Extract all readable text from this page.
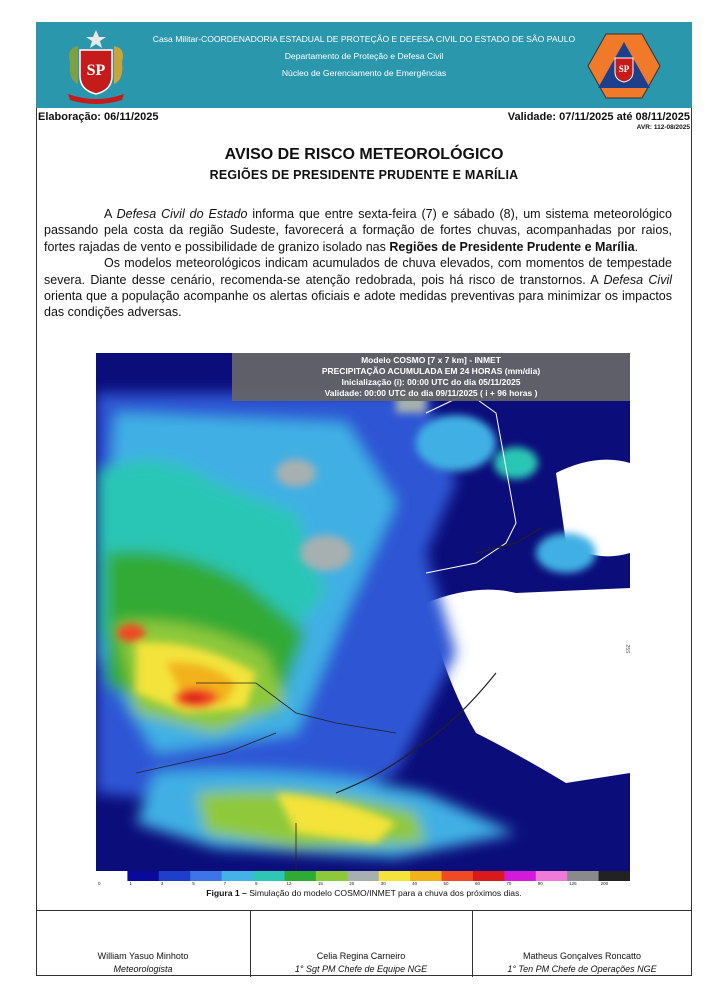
SP
Casa Militar-COORDENADORIA ESTADUAL DE PROTEÇÃO E DEFESA CIVIL DO ESTADO DE SÃO PAULO
Departamento de Proteção e Defesa Civil
Núcleo de Gerenciamento de Emergências	SP
Elaboração: 06/11/2025	Validade: 07/11/2025 até 08/11/2025
AVR: 112-08/2025
AVISO DE RISCO METEOROLÓGICO
REGIÕES DE PRESIDENTE PRUDENTE E MARÍLIA

A Defesa Civil do Estado informa que entre sexta-feira (7) e sábado (8), um sistema meteorológico passando pela costa da região Sudeste, favorecerá a formação de fortes chuvas, acompanhadas por raios, fortes rajadas de vento e possibilidade de granizo isolado nas Regiões de Presidente Prudente e Marília.

Os modelos meteorológicos indicam acumulados de chuva elevados, com momentos de tempestade severa. Diante desse cenário, recomenda-se atenção redobrada, pois há risco de transtornos. A Defesa Civil orienta que a população acompanhe os alertas oficiais e adote medidas preventivas para minimizar os impactos das condições adversas.

Modelo COSMO [7 x 7 km] - INMET
PRECIPITAÇÃO ACUMULADA EM 24 HORAS (mm/dia)
Inicialização (i): 00:00 UTC do dia 05/11/2025
Validade: 00:00 UTC do dia 09/11/2025 ( i + 96 horas )
25S
0	1	3	5	7	9	12	15	20	30	40	50	60	70	90	125	200
Figura 1 – Simulação do modelo COSMO/INMET para a chuva dos próximos dias.
William Yasuo Minhoto
Meteorologista
Celia Regina Carneiro
1° Sgt PM Chefe de Equipe NGE
Matheus Gonçalves Roncatto
1° Ten PM Chefe de Operações NGE
